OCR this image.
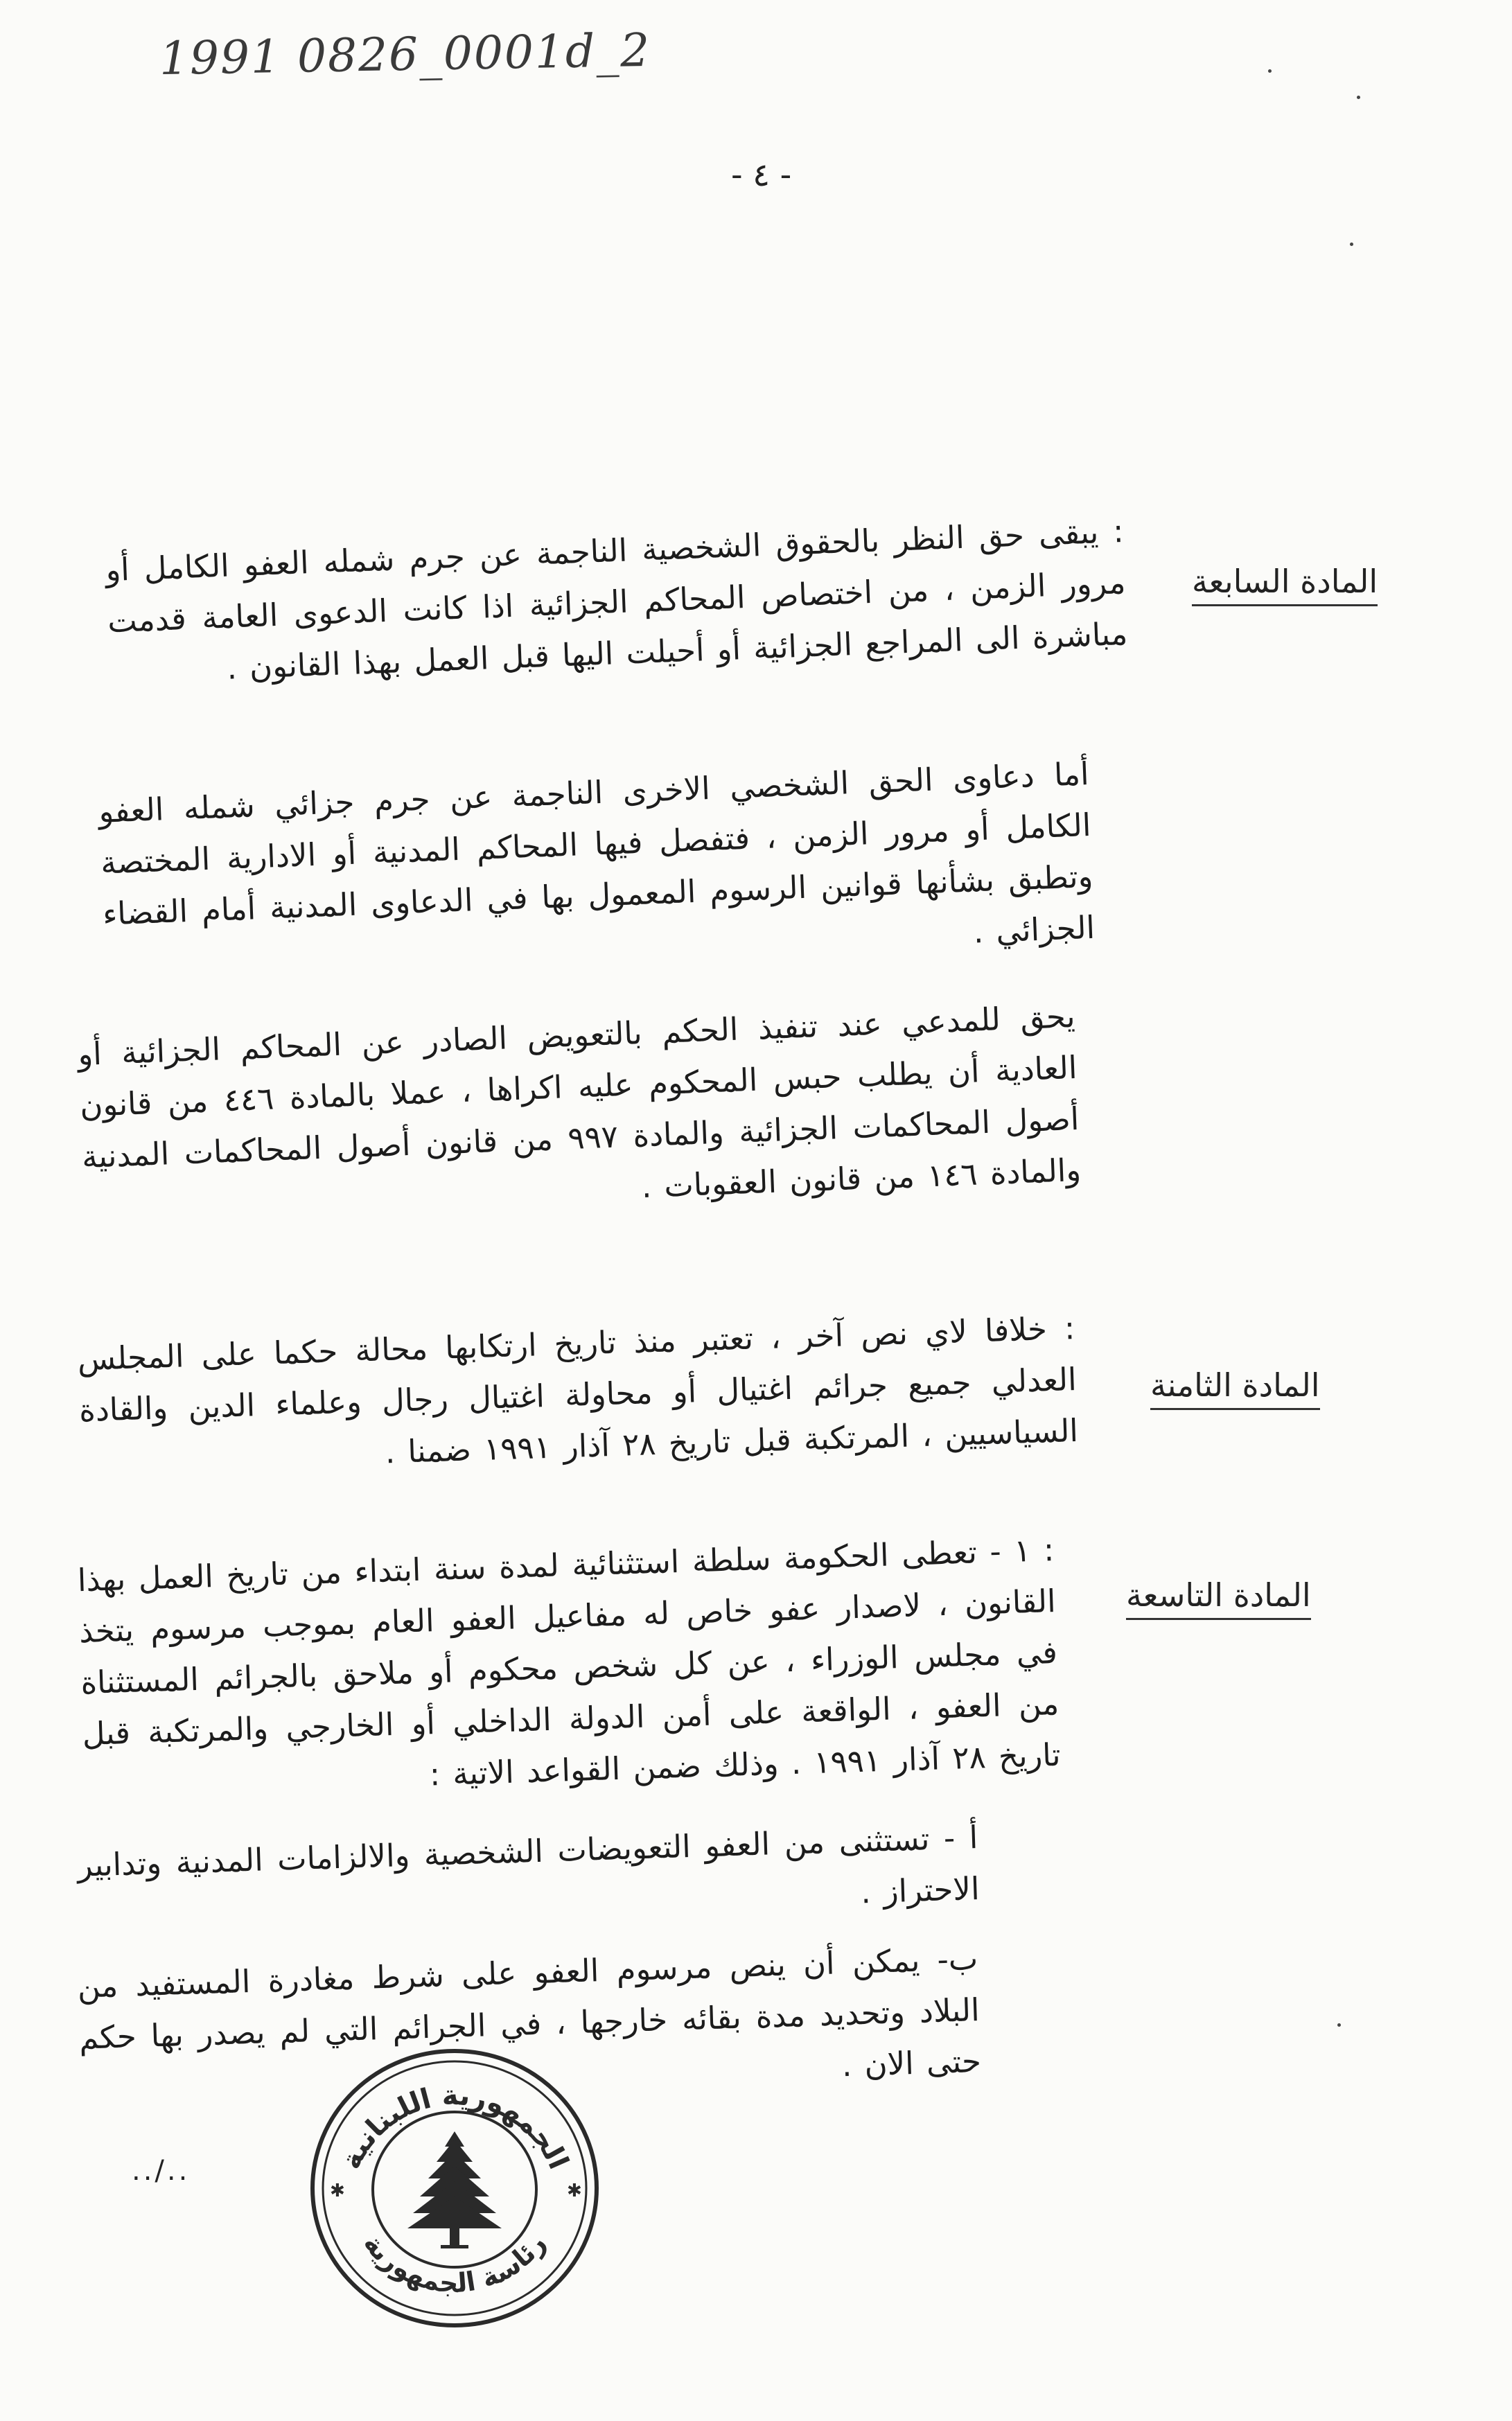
1991 0826_0001d_2
- ٤ -
المادة السابعة
: يبقى حق النظر بالحقوق الشخصية الناجمة عن جرم شمله العفو الكامل أو مرور الزمن ، من اختصاص المحاكم الجزائية اذا كانت الدعوى العامة قدمت مباشرة الى المراجع الجزائية أو أحيلت اليها قبل العمل بهذا القانون .
أما دعاوى الحق الشخصي الاخرى الناجمة عن جرم جزائي شمله العفو الكامل أو مرور الزمن ، فتفصل فيها المحاكم المدنية أو الادارية المختصة وتطبق بشأنها قوانين الرسوم المعمول بها في الدعاوى المدنية أمام القضاء الجزائي .
يحق للمدعي عند تنفيذ الحكم بالتعويض الصادر عن المحاكم الجزائية أو العادية أن يطلب حبس المحكوم عليه اكراها ، عملا بالمادة ٤٤٦ من قانون أصول المحاكمات الجزائية والمادة ٩٩٧ من قانون أصول المحاكمات المدنية والمادة ١٤٦ من قانون العقوبات .
المادة الثامنة
: خلافا لاي نص آخر ، تعتبر منذ تاريخ ارتكابها محالة حكما على المجلس العدلي جميع جرائم اغتيال أو محاولة اغتيال رجال وعلماء الدين والقادة السياسيين ، المرتكبة قبل تاريخ ٢٨ آذار ١٩٩١ ضمنا .
المادة التاسعة
: ١ - تعطى الحكومة سلطة استثنائية لمدة سنة ابتداء من تاريخ العمل بهذا القانون ، لاصدار عفو خاص له مفاعيل العفو العام بموجب مرسوم يتخذ في مجلس الوزراء ، عن كل شخص محكوم أو ملاحق بالجرائم المستثناة من العفو ، الواقعة على أمن الدولة الداخلي أو الخارجي والمرتكبة قبل تاريخ ٢٨ آذار ١٩٩١ . وذلك ضمن القواعد الاتية :
أ - تستثنى من العفو التعويضات الشخصية والالزامات المدنية وتدابير الاحتراز .
ب- يمكن أن ينص مرسوم العفو على شرط مغادرة المستفيد من البلاد وتحديد مدة بقائه خارجها ، في الجرائم التي لم يصدر بها حكم حتى الان .
../..	الجمهورية اللبنانية
رئاسة الجمهورية
✱	✱
